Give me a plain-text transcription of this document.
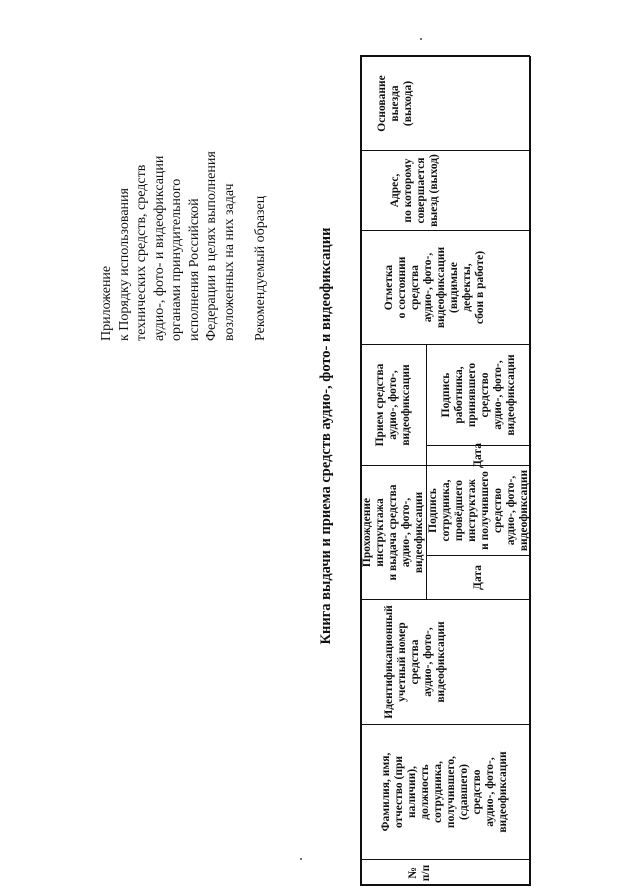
Приложение к Порядку использования технических средств, средств аудио-, фото- и видеофиксации органами принудительного исполнения Российской Федерации в целях выполнения возложенных на них задач Рекомендуемый образец	Книга выдачи и приема средств аудио-, фото- и видеофиксации
№
п/п
Фамилия, имя,
отчество (при
наличии),
должность
сотрудника,
получившего,
(сдавшего)
средство
аудио-, фото-,
видеофиксации
Идентификационный
учетный номер
средства
аудио-, фото-,
видеофиксации
Прохождение
инструктажа
и выдача средства
аудио-, фото-,
видеофиксации
Дата
Подпись
сотрудника,
провёдшего
инструктаж
и получившего
средство
аудио-, фото-,
видеофиксации
Прием средства
аудио-, фото-,
видеофиксации
Дата
Подпись
работника,
принявшего
средство
аудио-, фото-,
видеофиксации
Отметка
о состоянии
средства
аудио-, фото-,
видеофиксации
(видимые
дефекты,
сбои в работе)
Адрес,
по которому
совершается
выезд (выход)
Основание выезда
(выхода)
